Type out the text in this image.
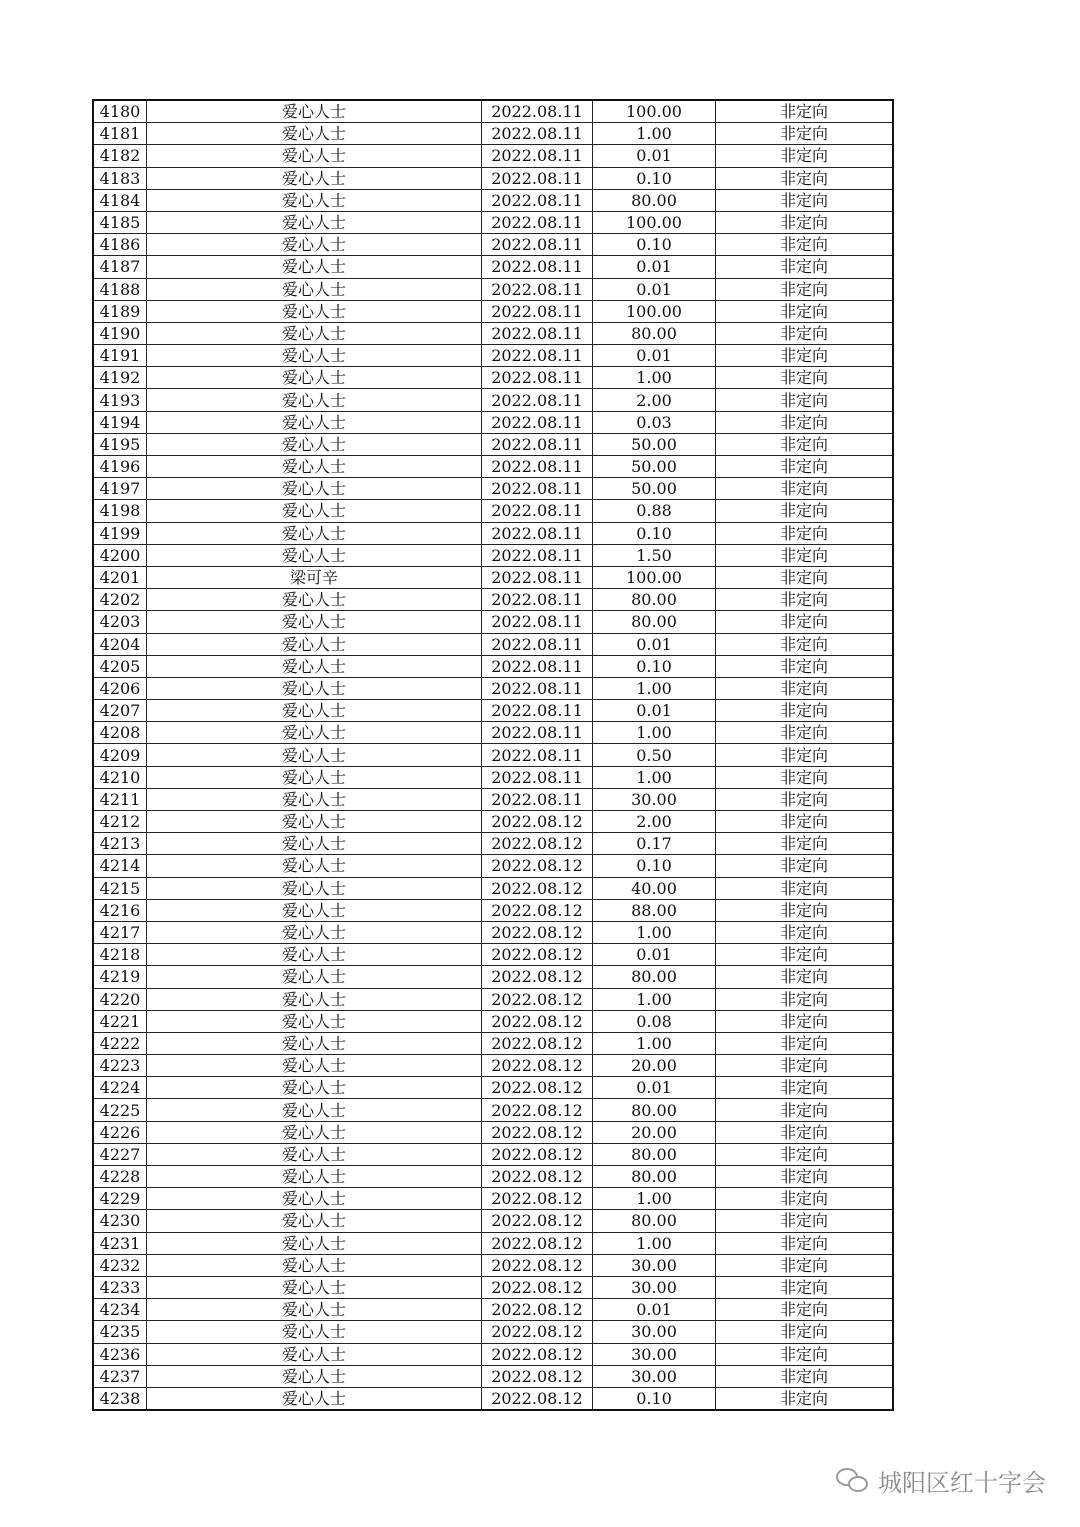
4180	爱心人士	2022.08.11	100.00	非定向
4181	爱心人士	2022.08.11	1.00	非定向
4182	爱心人士	2022.08.11	0.01	非定向
4183	爱心人士	2022.08.11	0.10	非定向
4184	爱心人士	2022.08.11	80.00	非定向
4185	爱心人士	2022.08.11	100.00	非定向
4186	爱心人士	2022.08.11	0.10	非定向
4187	爱心人士	2022.08.11	0.01	非定向
4188	爱心人士	2022.08.11	0.01	非定向
4189	爱心人士	2022.08.11	100.00	非定向
4190	爱心人士	2022.08.11	80.00	非定向
4191	爱心人士	2022.08.11	0.01	非定向
4192	爱心人士	2022.08.11	1.00	非定向
4193	爱心人士	2022.08.11	2.00	非定向
4194	爱心人士	2022.08.11	0.03	非定向
4195	爱心人士	2022.08.11	50.00	非定向
4196	爱心人士	2022.08.11	50.00	非定向
4197	爱心人士	2022.08.11	50.00	非定向
4198	爱心人士	2022.08.11	0.88	非定向
4199	爱心人士	2022.08.11	0.10	非定向
4200	爱心人士	2022.08.11	1.50	非定向
4201	梁可辛	2022.08.11	100.00	非定向
4202	爱心人士	2022.08.11	80.00	非定向
4203	爱心人士	2022.08.11	80.00	非定向
4204	爱心人士	2022.08.11	0.01	非定向
4205	爱心人士	2022.08.11	0.10	非定向
4206	爱心人士	2022.08.11	1.00	非定向
4207	爱心人士	2022.08.11	0.01	非定向
4208	爱心人士	2022.08.11	1.00	非定向
4209	爱心人士	2022.08.11	0.50	非定向
4210	爱心人士	2022.08.11	1.00	非定向
4211	爱心人士	2022.08.11	30.00	非定向
4212	爱心人士	2022.08.12	2.00	非定向
4213	爱心人士	2022.08.12	0.17	非定向
4214	爱心人士	2022.08.12	0.10	非定向
4215	爱心人士	2022.08.12	40.00	非定向
4216	爱心人士	2022.08.12	88.00	非定向
4217	爱心人士	2022.08.12	1.00	非定向
4218	爱心人士	2022.08.12	0.01	非定向
4219	爱心人士	2022.08.12	80.00	非定向
4220	爱心人士	2022.08.12	1.00	非定向
4221	爱心人士	2022.08.12	0.08	非定向
4222	爱心人士	2022.08.12	1.00	非定向
4223	爱心人士	2022.08.12	20.00	非定向
4224	爱心人士	2022.08.12	0.01	非定向
4225	爱心人士	2022.08.12	80.00	非定向
4226	爱心人士	2022.08.12	20.00	非定向
4227	爱心人士	2022.08.12	80.00	非定向
4228	爱心人士	2022.08.12	80.00	非定向
4229	爱心人士	2022.08.12	1.00	非定向
4230	爱心人士	2022.08.12	80.00	非定向
4231	爱心人士	2022.08.12	1.00	非定向
4232	爱心人士	2022.08.12	30.00	非定向
4233	爱心人士	2022.08.12	30.00	非定向
4234	爱心人士	2022.08.12	0.01	非定向
4235	爱心人士	2022.08.12	30.00	非定向
4236	爱心人士	2022.08.12	30.00	非定向
4237	爱心人士	2022.08.12	30.00	非定向
4238	爱心人士	2022.08.12	0.10	非定向
城阳区红十字会
